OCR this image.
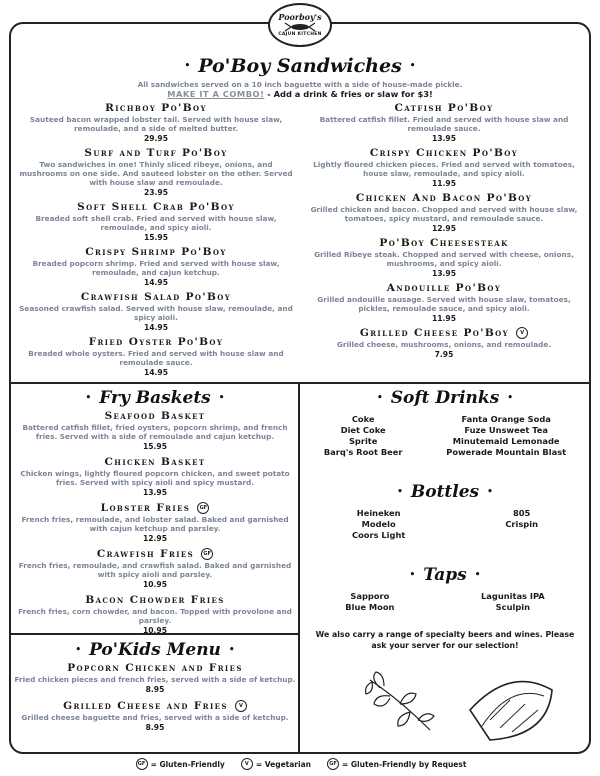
Poorboy's
CAJUN KITCHEN
• Po'Boy Sandwiches •
All sandwiches served on a 10 inch baguette with a side of house-made pickle.
MAKE IT A COMBO! - Add a drink & fries or slaw for $3!
Richboy Po'Boy
Sauteed bacon wrapped lobster tail. Served with house slaw, remoulade, and a side of melted butter.
29.95
Surf and Turf Po'Boy
Two sandwiches in one! Thinly sliced ribeye, onions, and mushrooms on one side. And sauteed lobster on the other. Served with house slaw and remoulade.
23.95
Soft Shell Crab Po'Boy
Breaded soft shell crab. Fried and served with house slaw, remoulade, and spicy aioli.
15.95
Crispy Shrimp Po'Boy
Breaded popcorn shrimp. Fried and served with house slaw, remoulade, and cajun ketchup.
14.95
Crawfish Salad Po'Boy
Seasoned crawfish salad. Served with house slaw, remoulade, and spicy aioli.
14.95
Fried Oyster Po'Boy
Breaded whole oysters. Fried and served with house slaw and remoulade sauce.
14.95
Catfish Po'Boy
Battered catfish fillet. Fried and served with house slaw and remoulade sauce.
13.95
Crispy Chicken Po'Boy
Lightly floured chicken pieces. Fried and served with tomatoes, house slaw, remoulade, and spicy aioli.
11.95
Chicken And Bacon Po'Boy
Grilled chicken and bacon. Chopped and served with house slaw, tomatoes, spicy mustard, and remoulade sauce.
12.95
Po'Boy Cheesesteak
Grilled Ribeye steak. Chopped and served with cheese, onions, mushrooms, and spicy aioli.
13.95
Andouille Po'Boy
Grilled andouille sausage. Served with house slaw, tomatoes, pickles, remoulade sauce, and spicy aioli.
11.95
Grilled Cheese Po'Boy V
Grilled cheese, mushrooms, onions, and remoulade.
7.95
• Fry Baskets •
Seafood Basket
Battered catfish fillet, fried oysters, popcorn shrimp, and french fries. Served with a side of remoulade and cajun ketchup.
15.95
Chicken Basket
Chicken wings, lightly floured popcorn chicken, and sweet potato fries. Served with spicy aioli and spicy mustard.
13.95
Lobster Fries GF
French fries, remoulade, and lobster salad. Baked and garnished with cajun ketchup and parsley.
12.95
Crawfish Fries GF
French fries, remoulade, and crawfish salad. Baked and garnished with spicy aioli and parsley.
10.95
Bacon Chowder Fries
French fries, corn chowder, and bacon. Topped with provolone and parsley.
10.95
• Po'Kids Menu •
Popcorn Chicken and Fries
Fried chicken pieces and french fries, served with a side of ketchup.
8.95
Grilled Cheese and Fries V
Grilled cheese baguette and fries, served with a side of ketchup.
8.95
• Soft Drinks •
Coke
Diet Coke
Sprite
Barq's Root Beer
Fanta Orange Soda
Fuze Unsweet Tea
Minutemaid Lemonade
Powerade Mountain Blast
• Bottles •
Heineken
Modelo
Coors Light
805
Crispin
• Taps •
Sapporo
Blue Moon
Lagunitas IPA
Sculpin
We also carry a range of specialty beers and wines. Please ask your server for our selection!
GF = Gluten-Friendly	V = Vegetarian	GF = Gluten-Friendly by Request
